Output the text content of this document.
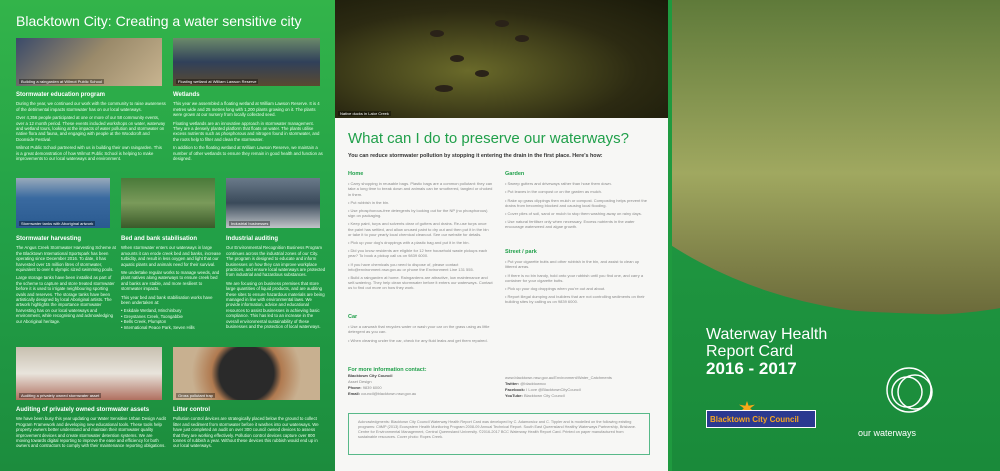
Blacktown City: Creating a water sensitive city
Building a raingarden at Wilmot Public School
Stormwater education program

During the year, we continued our work with the community to raise awareness of the detrimental impacts stormwater has on our local waterways.

Over 4,356 people participated at one or more of our 58 community events, over a 12 month period. These events included workshops on water, waterway and wetland tours, looking at the impacts of water pollution and stormwater on native flora and fauna, and engaging with people at the Woodcroft and Doonside Festival.

Wilmot Public School partnered with us in building their own raingarden. This is a great demonstration of how Wilmot Public School is helping to make improvements to our local waterways and environment.

Floating wetland at William Lawson Reserve
Wetlands

This year we assembled a floating wetland at William Lawson Reserve. It is 4 metres wide and 25 metres long with 1,200 plants growing on it. The plants were grown at our nursery from locally collected seed.

Floating wetlands are an innovative approach in stormwater management. They are a densely planted platform that floats on water. The plants utilise excess nutrients such as phosphorous and nitrogen found in stormwater, and the roots help to filter and clean the stormwater.

In addition to the floating wetland at William Lawson Reserve, we maintain a number of other wetlands to ensure they remain in good health and function as designed.

Stormwater tanks with Aboriginal artwork
Stormwater harvesting

The Angus Creek Stormwater Harvesting Scheme at the Blacktown International Sportspark has been operating since December 2016. To date, it has harvested over 15 million litres of stormwater, equivalent to over 6 olympic sized swimming pools.

Large storage tanks have been installed as part of the scheme to capture and store treated stormwater before it is used to irrigate neighbouring sporting ovals and reserves. The storage tanks have been artistically designed by local Aboriginal artists. The artwork highlights the importance stormwater harvesting has on our local waterways and environment, while recognising and acknowledging our Aboriginal heritage.

Bed and bank stabilisation

When stormwater enters our waterways in large amounts it can erode creek bed and banks, increase turbidity, and result in less oxygen and light that our aquatic plants and animals need for their survival.

We undertake regular works to manage weeds, and plant natives along waterways to ensure creek bed and banks are stable, and more resilient to stormwater impacts.

This year bed and bank stabilisation works have been undertaken at:

• Eskdale Wetland, Minchinbury
• Greystanes Creek, Toongabbie
• Bells Creek, Plumpton
• International Peace Park, Seven Hills
Industrial businesses
Industrial auditing

Our Environmental Recognition Business Program continues across the industrial zones of our City. The program is designed to educate and inform businesses on how they can improve workplace practices, and ensure local waterways are protected from industrial and hazardous substances.

We are focusing on business premises that store large quantities of liquid products, and are auditing these sites to ensure hazardous materials are being managed in line with environmental laws. We provide information, advice and educational resources to assist businesses in achieving basic compliance. This has led to an increase in the overall environmental sustainability of these businesses and the protection of local waterways.

Auditing a privately owned stormwater asset
Auditing of privately owned stormwater assets

We have been busy this year updating our Water Sensitive Urban Design Audit Program Framework and developing new educational tools. These tools help property owners better understand and maintain their stormwater quality improvement devices and create stormwater detention systems. We are moving towards digital reporting to improve the ease and efficiency for both owners and contractors to comply with their maintenance reporting obligations.

Gross pollutant trap
Litter control

Pollution control devices are strategically placed below the ground to collect litter and sediment from stormwater before it washes into our waterways. We have just completed an audit on over 300 council owned devices to assess that they are working effectively. Pollution control devices capture over 800 tonnes of rubbish a year. Without these devices this rubbish would end up in our local waterways.

Native ducks in Lalor Creek
What can I do to preserve our waterways?
You can reduce stormwater pollution by stopping it entering the drain in the first place. Here's how:
Home
• Carry shopping in reusable bags. Plastic bags are a common pollutant: they can take a long time to break down and animals can be smothered, tangled or choked in them.
• Put rubbish in the bin.
• Use phosphorous-free detergents by looking out for the NP (no phosphorous) sign on packaging.
• Keep paint, turps and solvents clear of gutters and drains. Re-use turps once the paint has settled, and allow unused paint to dry out and then put it in the bin or take it to your yearly local chemical cleanout. See our website for details.
• Pick up your dog's droppings with a plastic bag and put it in the bin.
• Did you know residents are eligible for 12 free household waste pickups each year? To book a pickup call us on 9839 6000.
• If you have chemicals you need to dispose of, please contact info@environment.nsw.gov.au or phone the Environment Line 131 555.
• Build a raingarden at home. Raingardens are attractive, low maintenance and self-watering. They help clean stormwater before it enters our waterways. Contact us to find out more on how they work.
Car
• Use a carwash that recycles water or wash your car on the grass using as little detergent as you can.
• When cleaning under the car, check for any fluid leaks and get them repaired.
Garden
• Sweep gutters and driveways rather than hose them down.
• Put leaves in the compost or on the garden as mulch.
• Rake up grass clippings then mulch or compost. Composting helps prevent the drains from becoming blocked and causing local flooding.
• Cover piles of soil, sand or mulch to stop them washing away on rainy days.
• Use natural fertiliser only when necessary. Excess nutrients in the water encourage waterweed and algae growth.
Street / park
• Put your cigarette butts and other rubbish in the bin, and assist to clean up littered areas.
• If there is no bin handy, hold onto your rubbish until you find one, and carry a container for your cigarette butts.
• Pick up your dog droppings when you're out and about.
• Report illegal dumping and builders that are not controlling sediments on their building sites by calling us on 9839 6000.
For more information contact:
Blacktown City Council
Asset Design
Phone: 9839 6000
Email: council@blacktown.nsw.gov.au
www.blacktown.nsw.gov.au/Environment/Water_Catchments
Twitter: @blacktowncc
Facebook: I Love @BlacktownCityCouncil
YouTube: Blacktown City Council
Acknowledgments: Blacktown City Council Waterway Health Report Card was developed by C. Adamowicz and C. Tippler and is modelled on the following existing programs: CitMP (2013) Ecosystem Health Monitoring Program 2008-09 Annual Technical Report. South East Queensland Healthy Waterways Partnership, Brisbane. Centre for Environmental Management, Central Queensland University. ©2016-2017 BCC Waterway Health Report Card. Printed on paper manufactured from sustainable resources. Cover photo: Ropes Creek.
Waterway Health
Report Card
2016 - 2017
Blacktown City Council
our waterways
